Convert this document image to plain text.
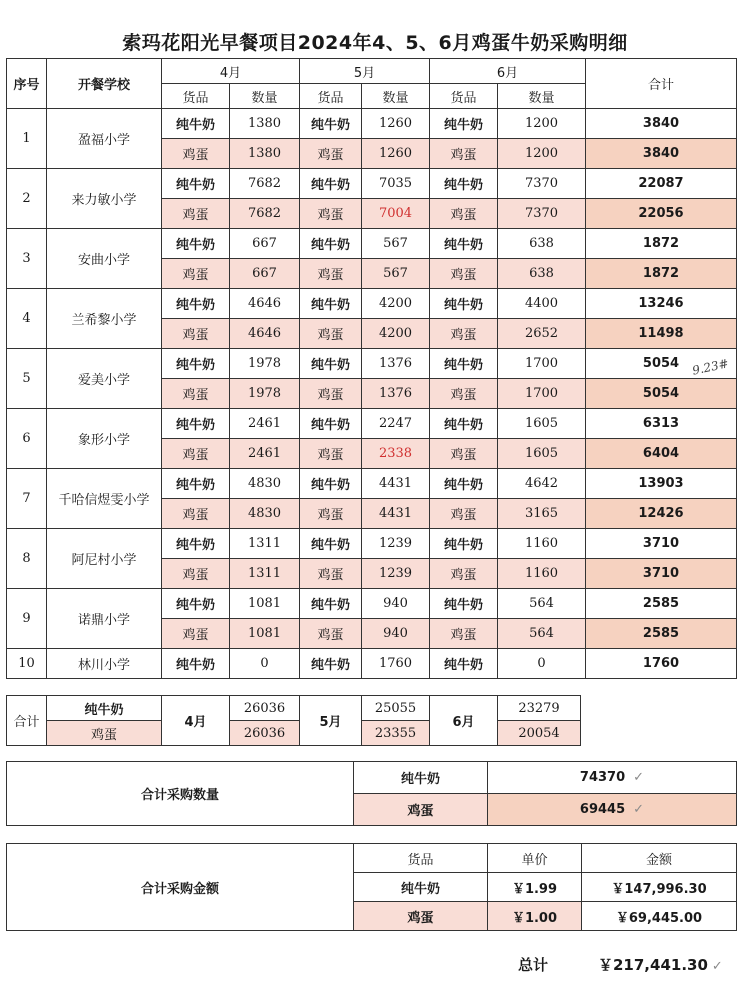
索玛花阳光早餐项目2024年4、5、6月鸡蛋牛奶采购明细
序号	开餐学校	4月		5月		6月		合计
		货品	数量	货品	数量	货品	数量	
1	盈福小学	纯牛奶	1380	纯牛奶	1260	纯牛奶	1200	3840
		鸡蛋	1380	鸡蛋	1260	鸡蛋	1200	3840
2	来力敏小学	纯牛奶	7682	纯牛奶	7035	纯牛奶	7370	22087
		鸡蛋	7682	鸡蛋	7004	鸡蛋	7370	22056
3	安曲小学	纯牛奶	667	纯牛奶	567	纯牛奶	638	1872
		鸡蛋	667	鸡蛋	567	鸡蛋	638	1872
4	兰希黎小学	纯牛奶	4646	纯牛奶	4200	纯牛奶	4400	13246
		鸡蛋	4646	鸡蛋	4200	鸡蛋	2652	11498
5	爱美小学	纯牛奶	1978	纯牛奶	1376	纯牛奶	1700	5054
		鸡蛋	1978	鸡蛋	1376	鸡蛋	1700	5054
6	象形小学	纯牛奶	2461	纯牛奶	2247	纯牛奶	1605	6313
		鸡蛋	2461	鸡蛋	2338	鸡蛋	1605	6404
7	千哈信煜雯小学	纯牛奶	4830	纯牛奶	4431	纯牛奶	4642	13903
		鸡蛋	4830	鸡蛋	4431	鸡蛋	3165	12426
8	阿尼村小学	纯牛奶	1311	纯牛奶	1239	纯牛奶	1160	3710
		鸡蛋	1311	鸡蛋	1239	鸡蛋	1160	3710
9	诺鼎小学	纯牛奶	1081	纯牛奶	940	纯牛奶	564	2585
		鸡蛋	1081	鸡蛋	940	鸡蛋	564	2585
10	林川小学	纯牛奶	0	纯牛奶	1760	纯牛奶	0	1760
9.23#
合计	纯牛奶	4月	26036	5月	25055	6月	23279
	鸡蛋		26036		23355		20054
合计采购数量	纯牛奶	74370 ✓
	鸡蛋	69445 ✓
合计采购金额	货品	单价	金额
	纯牛奶	￥1.99	￥147,996.30
	鸡蛋	￥1.00	￥69,445.00
总计	￥217,441.30 ✓
